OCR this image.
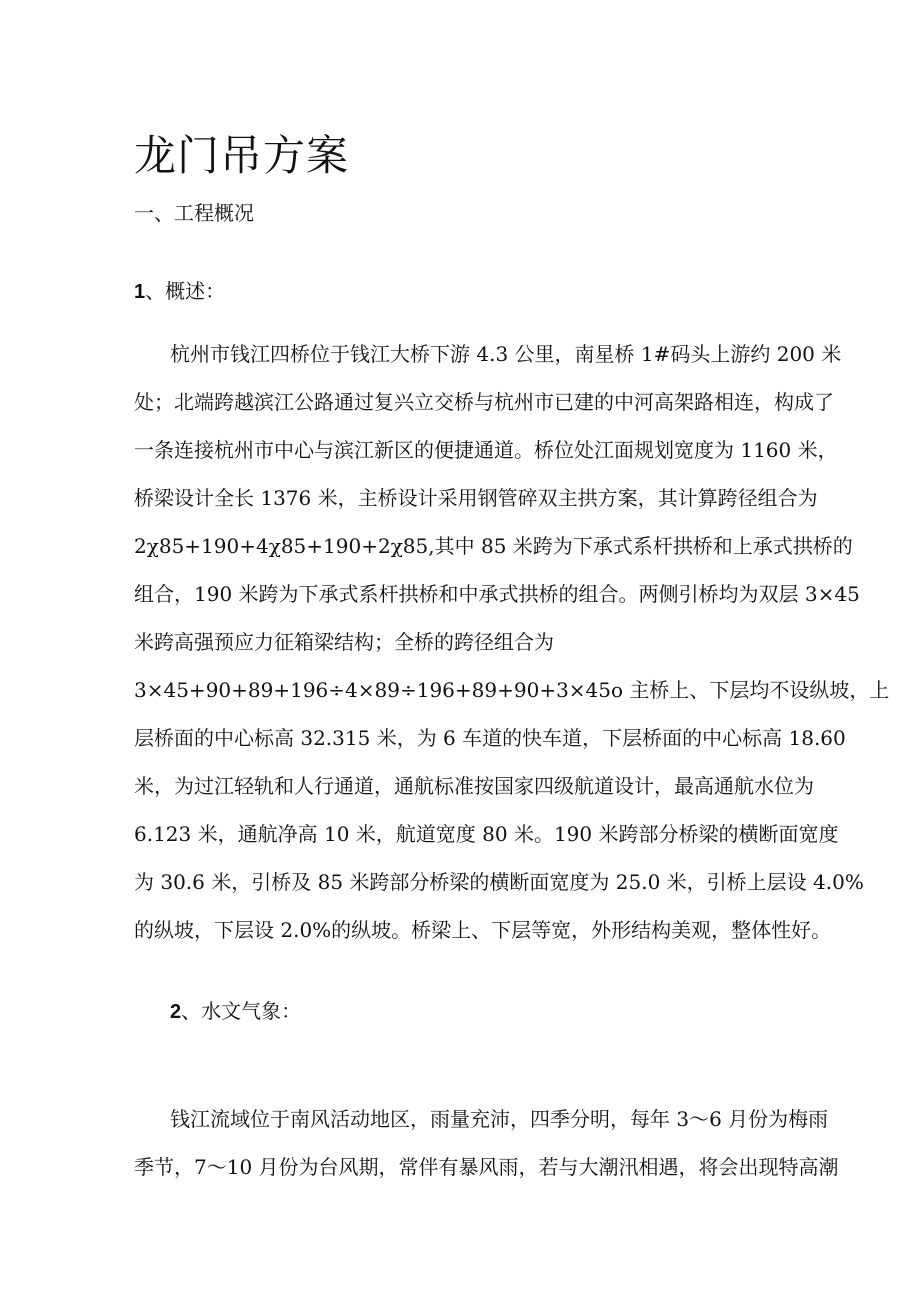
龙门吊方案
一、工程概况
1、概述：
杭州市钱江四桥位于钱江大桥下游 4.3 公里，南星桥 1#码头上游约 200 米
处；北端跨越滨江公路通过复兴立交桥与杭州市已建的中河高架路相连，构成了
一条连接杭州市中心与滨江新区的便捷通道。桥位处江面规划宽度为 1160 米，
桥梁设计全长 1376 米，主桥设计采用钢管碎双主拱方案，其计算跨径组合为
2χ85+190+4χ85+190+2χ85,其中 85 米跨为下承式系杆拱桥和上承式拱桥的
组合，190 米跨为下承式系杆拱桥和中承式拱桥的组合。两侧引桥均为双层 3×45
米跨高强预应力征箱梁结构；全桥的跨径组合为
3×45+90+89+196÷4×89÷196+89+90+3×45o 主桥上、下层均不设纵坡，上
层桥面的中心标高 32.315 米，为 6 车道的快车道，下层桥面的中心标高 18.60
米，为过江轻轨和人行通道，通航标准按国家四级航道设计，最高通航水位为
6.123 米，通航净高 10 米，航道宽度 80 米。190 米跨部分桥梁的横断面宽度
为 30.6 米，引桥及 85 米跨部分桥梁的横断面宽度为 25.0 米，引桥上层设 4.0%
的纵坡，下层设 2.0%的纵坡。桥梁上、下层等宽，外形结构美观，整体性好。
2、水文气象：
钱江流域位于南风活动地区，雨量充沛，四季分明，每年 3～6 月份为梅雨
季节，7～10 月份为台风期，常伴有暴风雨，若与大潮汛相遇，将会出现特高潮
